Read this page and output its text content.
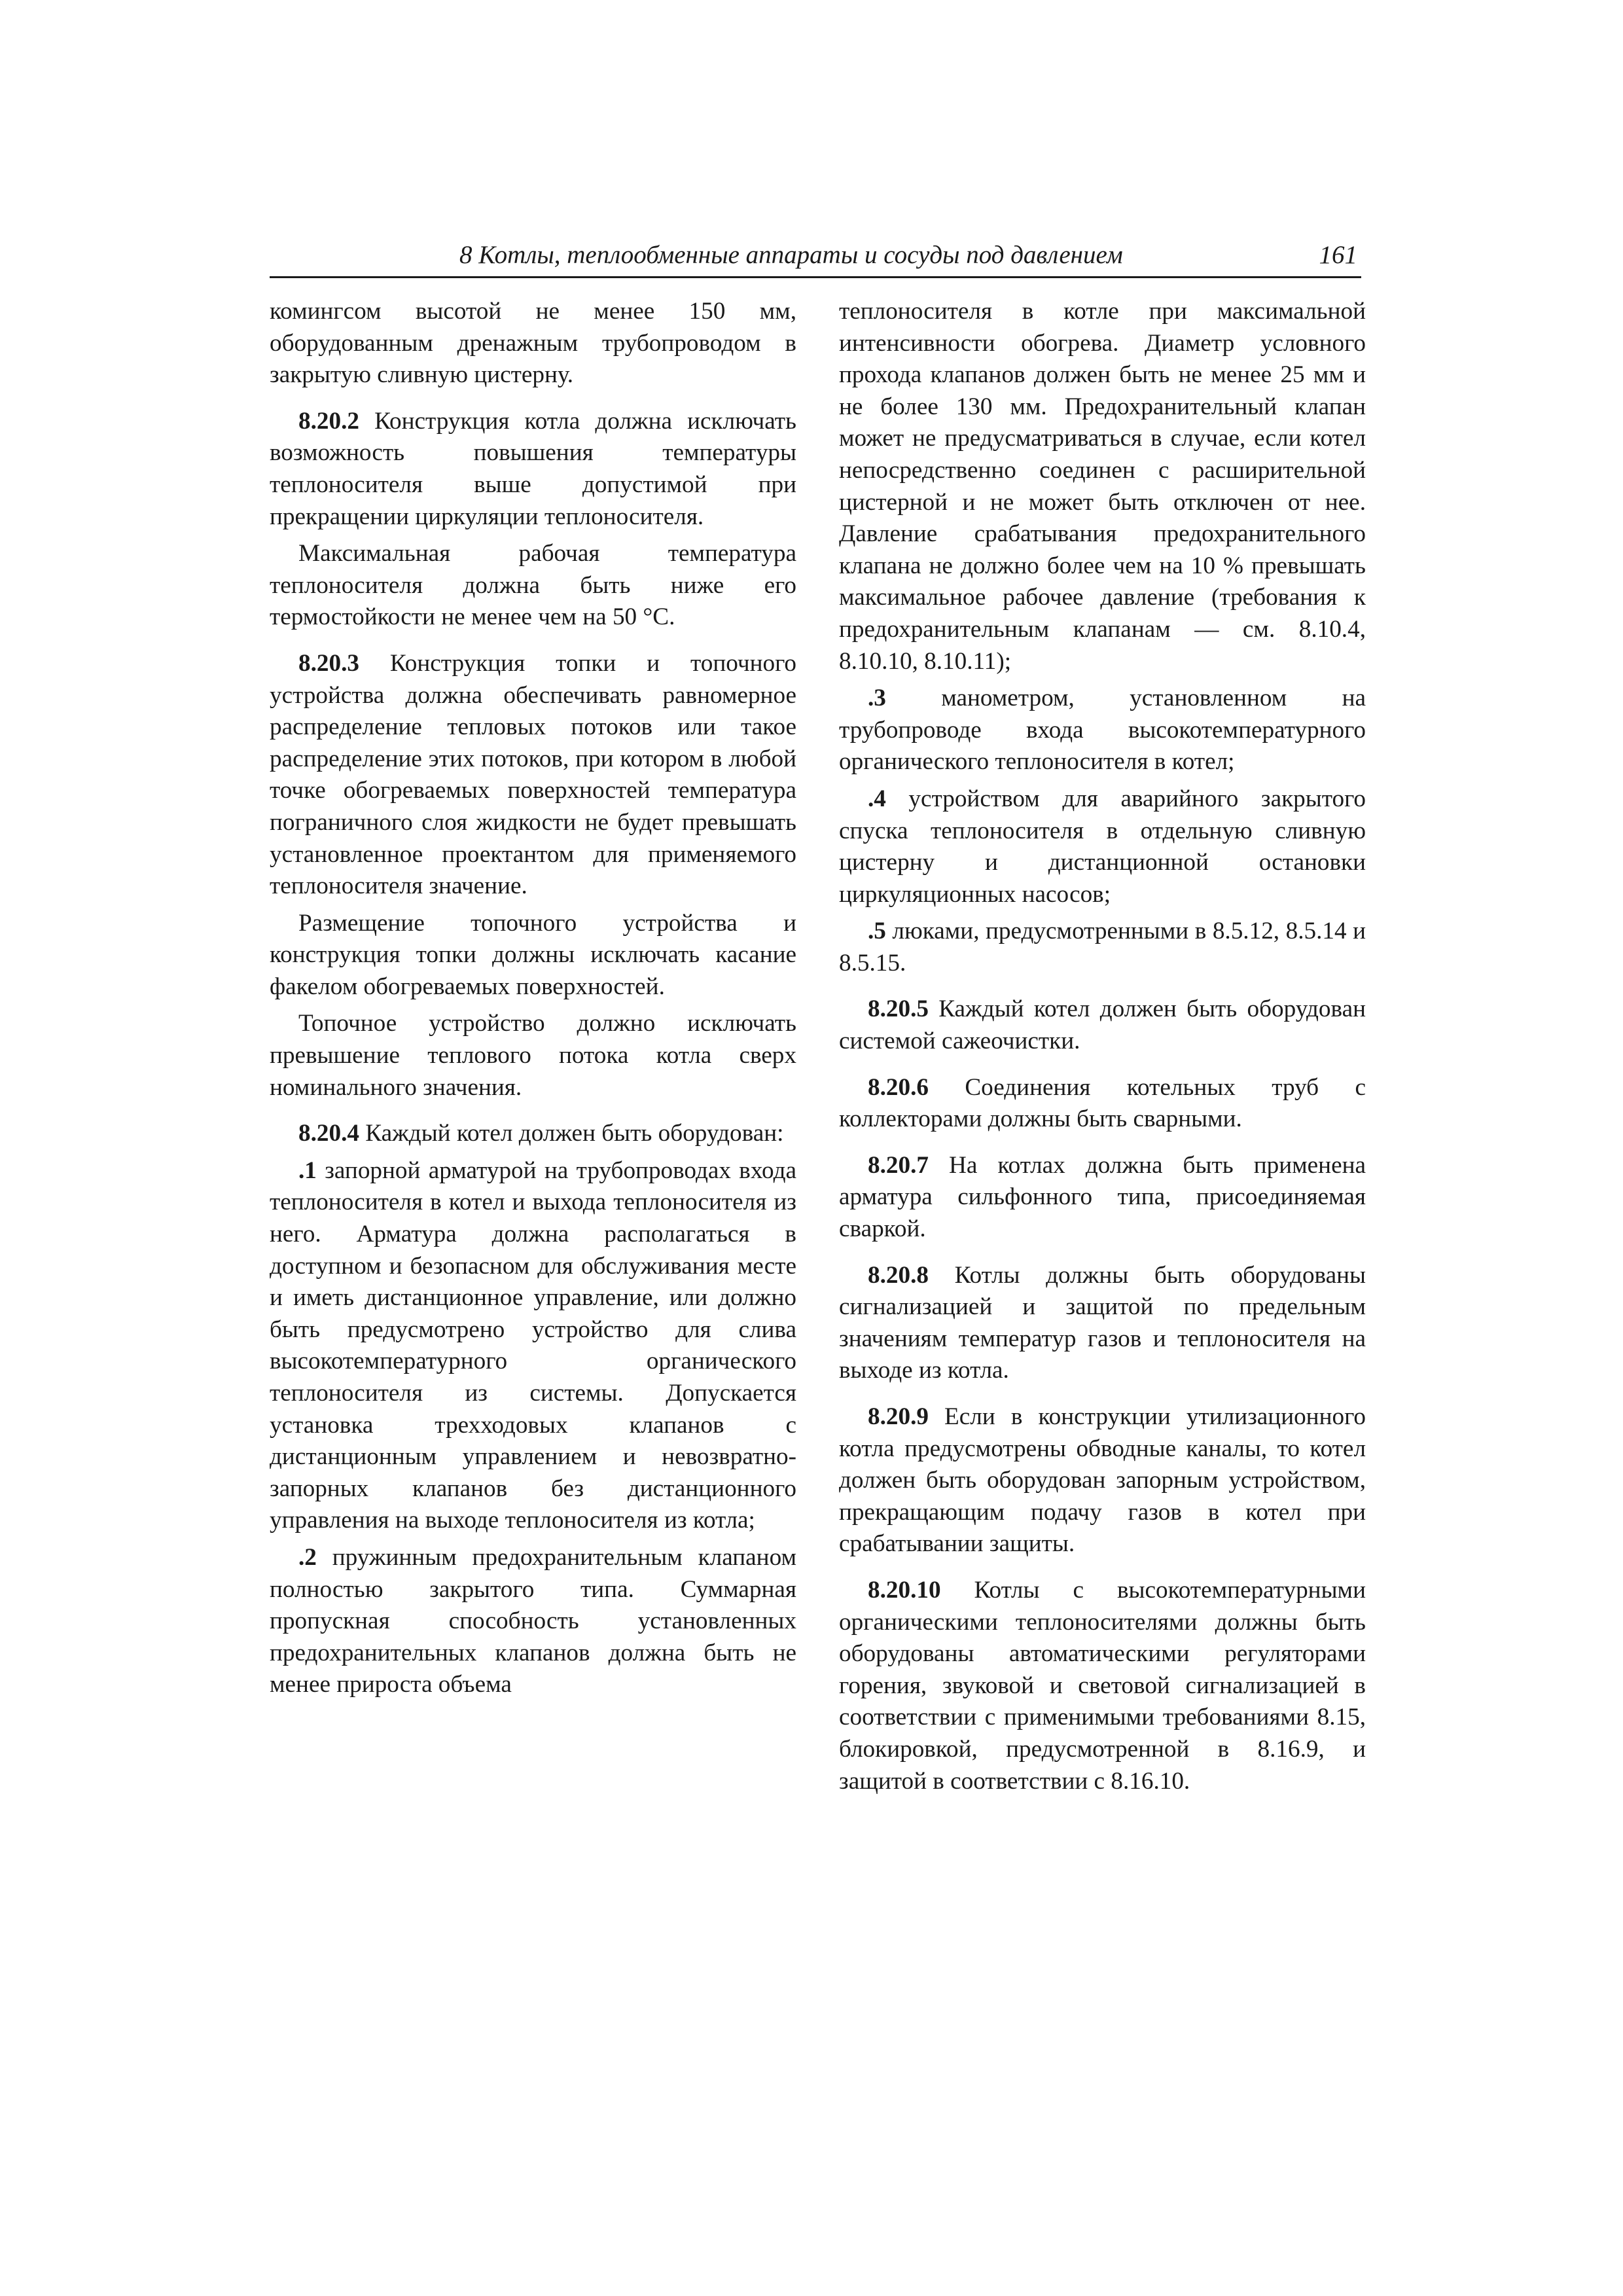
8 Котлы, теплообменные аппараты и сосуды под давлением	161

комингсом высотой не менее 150 мм, оборудованным дренажным трубопроводом в закрытую сливную цистерну.

8.20.2 Конструкция котла должна исключать возможность повышения температуры теплоносителя выше допустимой при прекращении циркуляции теплоносителя.

Максимальная рабочая температура теплоносителя должна быть ниже его термостойкости не менее чем на 50 °С.

8.20.3 Конструкция топки и топочного устройства должна обеспечивать равномерное распределение тепловых потоков или такое распределение этих потоков, при котором в любой точке обогреваемых поверхностей температура пограничного слоя жидкости не будет превышать установленное проектантом для применяемого теплоносителя значение.

Размещение топочного устройства и конструкция топки должны исключать касание факелом обогреваемых поверхностей.

Топочное устройство должно исключать превышение теплового потока котла сверх номинального значения.

8.20.4 Каждый котел должен быть оборудован:

.1 запорной арматурой на трубопроводах входа теплоносителя в котел и выхода теплоносителя из него. Арматура должна располагаться в доступном и безопасном для обслуживания месте и иметь дистанционное управление, или должно быть предусмотрено устройство для слива высокотемпературного органического теплоносителя из системы. Допускается установка трехходовых клапанов с дистанционным управлением и невозвратно-запорных клапанов без дистанционного управления на выходе теплоносителя из котла;

.2 пружинным предохранительным клапаном полностью закрытого типа. Суммарная пропускная способность установленных предохранительных клапанов должна быть не менее прироста объема

теплоносителя в котле при максимальной интенсивности обогрева. Диаметр условного прохода клапанов должен быть не менее 25 мм и не более 130 мм. Предохранительный клапан может не предусматриваться в случае, если котел непосредственно соединен с расширительной цистерной и не может быть отключен от нее. Давление срабатывания предохранительного клапана не должно более чем на 10 % превышать максимальное рабочее давление (требования к предохранительным клапанам — см. 8.10.4, 8.10.10, 8.10.11);

.3 манометром, установленном на трубопроводе входа высокотемпературного органического теплоносителя в котел;

.4 устройством для аварийного закрытого спуска теплоносителя в отдельную сливную цистерну и дистанционной остановки циркуляционных насосов;

.5 люками, предусмотренными в 8.5.12, 8.5.14 и 8.5.15.

8.20.5 Каждый котел должен быть оборудован системой сажеочистки.

8.20.6 Соединения котельных труб с коллекторами должны быть сварными.

8.20.7 На котлах должна быть применена арматура сильфонного типа, присоединяемая сваркой.

8.20.8 Котлы должны быть оборудованы сигнализацией и защитой по предельным значениям температур газов и теплоносителя на выходе из котла.

8.20.9 Если в конструкции утилизационного котла предусмотрены обводные каналы, то котел должен быть оборудован запорным устройством, прекращающим подачу газов в котел при срабатывании защиты.

8.20.10 Котлы с высокотемпературными органическими теплоносителями должны быть оборудованы автоматическими регуляторами горения, звуковой и световой сигнализацией в соответствии с применимыми требованиями 8.15, блокировкой, предусмотренной в 8.16.9, и защитой в соответствии с 8.16.10.
